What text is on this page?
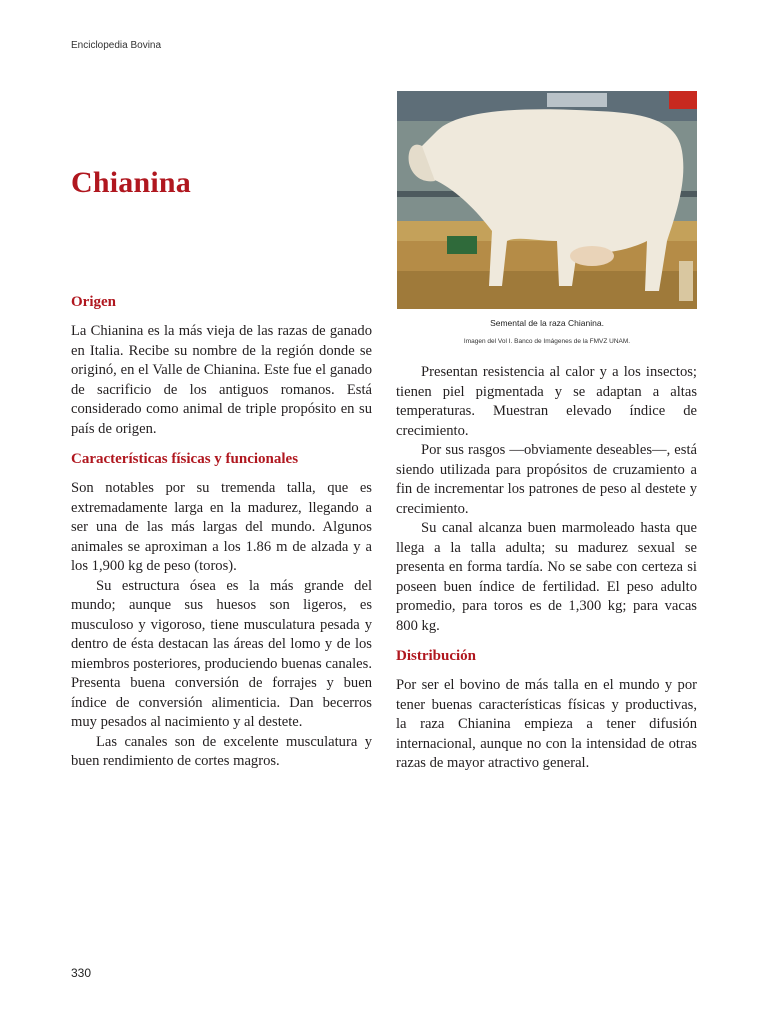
Enciclopedia Bovina
Chianina
Origen

La Chianina es la más vieja de las razas de ganado en Italia. Recibe su nombre de la región donde se originó, en el Valle de Chianina. Este fue el ganado de sacrificio de los antiguos romanos. Está considerado como animal de triple propósito en su país de origen.

Características físicas y funcionales

Son notables por su tremenda talla, que es extremadamente larga en la madurez, llegando a ser una de las más largas del mundo. Algunos animales se aproximan a los 1.86 m de alzada y a los 1,900 kg de peso (toros).

Su estructura ósea es la más grande del mundo; aunque sus huesos son ligeros, es musculoso y vigoroso, tiene musculatura pesada y dentro de ésta destacan las áreas del lomo y de los miembros posteriores, produciendo buenas canales. Presenta buena conversión de forrajes y buen índice de conversión alimenticia. Dan becerros muy pesados al nacimiento y al destete.

Las canales son de excelente musculatura y buen rendimiento de cortes magros.

Semental de la raza Chianina.
Imagen del Vol I. Banco de Imágenes de la FMVZ UNAM.

Presentan resistencia al calor y a los insectos; tienen piel pigmentada y se adaptan a altas temperaturas. Muestran elevado índice de crecimiento.

Por sus rasgos —obviamente deseables—, está siendo utilizada para propósitos de cruzamiento a fin de incrementar los patrones de peso al destete y crecimiento.

Su canal alcanza buen marmoleado hasta que llega a la talla adulta; su madurez sexual se presenta en forma tardía. No se sabe con certeza si poseen buen índice de fertilidad. El peso adulto promedio, para toros es de 1,300 kg; para vacas 800 kg.

Distribución

Por ser el bovino de más talla en el mundo y por tener buenas características físicas y productivas, la raza Chianina empieza a tener difusión internacional, aunque no con la intensidad de otras razas de mayor atractivo general.

330
